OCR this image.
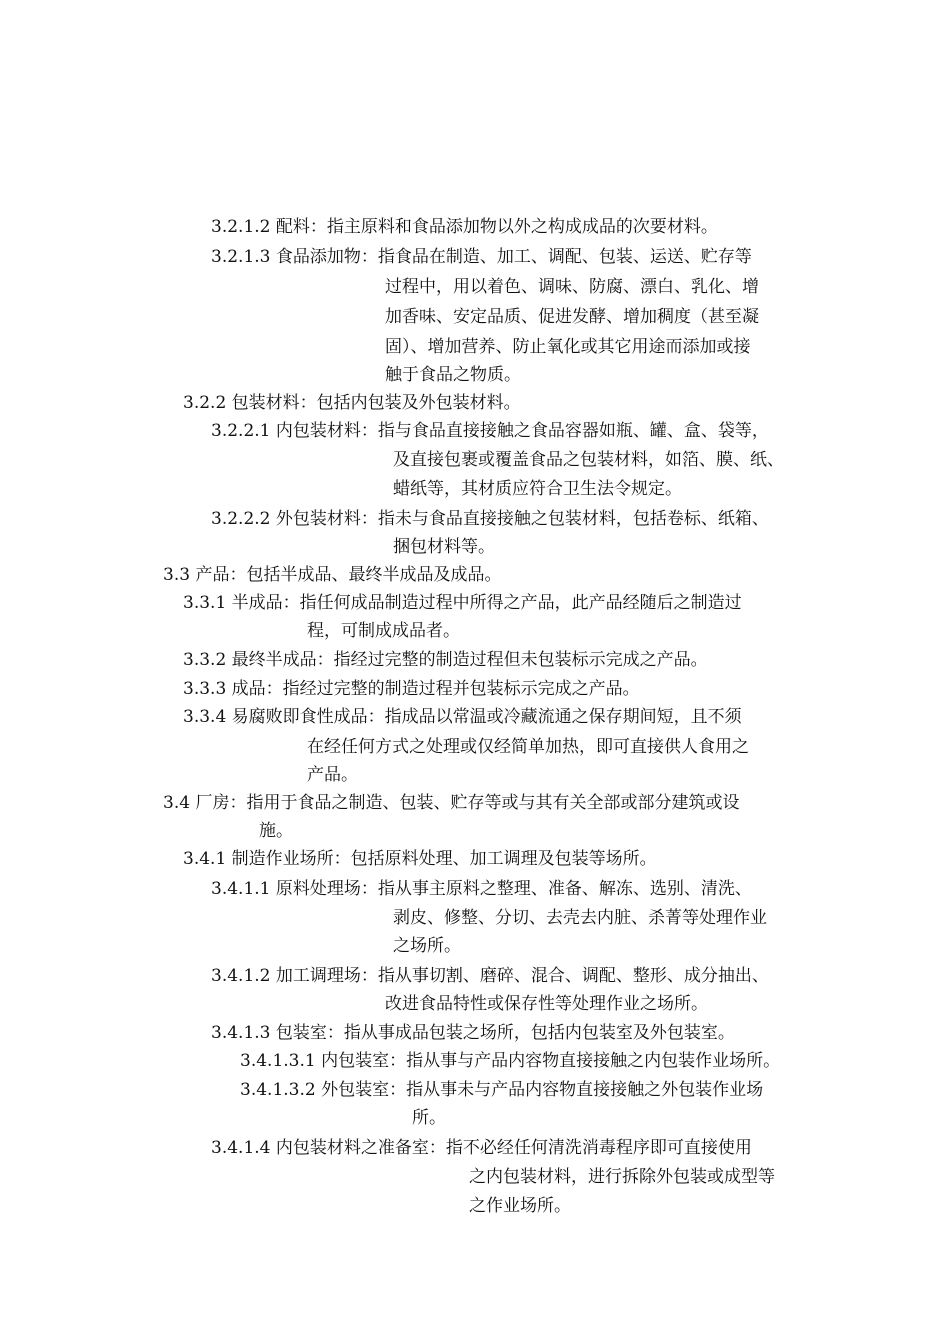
3.2.1.2 配料：指主原料和食品添加物以外之构成成品的次要材料。
3.2.1.3 食品添加物：指食品在制造、加工、调配、包装、运送、贮存等
过程中，用以着色、调味、防腐、漂白、乳化、增
加香味、安定品质、促进发酵、增加稠度（甚至凝
固）、增加营养、防止氧化或其它用途而添加或接
触于食品之物质。
3.2.2 包装材料：包括内包装及外包装材料。
3.2.2.1 内包装材料：指与食品直接接触之食品容器如瓶、罐、盒、袋等，
及直接包裹或覆盖食品之包装材料，如箔、膜、纸、
蜡纸等，其材质应符合卫生法令规定。
3.2.2.2 外包装材料：指未与食品直接接触之包装材料，包括卷标、纸箱、
捆包材料等。
3.3 产品：包括半成品、最终半成品及成品。
3.3.1 半成品：指任何成品制造过程中所得之产品，此产品经随后之制造过
程，可制成成品者。
3.3.2 最终半成品：指经过完整的制造过程但未包装标示完成之产品。
3.3.3 成品：指经过完整的制造过程并包装标示完成之产品。
3.3.4 易腐败即食性成品：指成品以常温或冷藏流通之保存期间短，且不须
在经任何方式之处理或仅经简单加热，即可直接供人食用之
产品。
3.4 厂房：指用于食品之制造、包装、贮存等或与其有关全部或部分建筑或设
施。
3.4.1 制造作业场所：包括原料处理、加工调理及包装等场所。
3.4.1.1 原料处理场：指从事主原料之整理、准备、解冻、选别、清洗、
剥皮、修整、分切、去壳去内脏、杀菁等处理作业
之场所。
3.4.1.2 加工调理场：指从事切割、磨碎、混合、调配、整形、成分抽出、
改进食品特性或保存性等处理作业之场所。
3.4.1.3 包装室：指从事成品包装之场所，包括内包装室及外包装室。
3.4.1.3.1 内包装室：指从事与产品内容物直接接触之内包装作业场所。
3.4.1.3.2 外包装室：指从事未与产品内容物直接接触之外包装作业场
所。
3.4.1.4 内包装材料之准备室：指不必经任何清洗消毒程序即可直接使用
之内包装材料，进行拆除外包装或成型等
之作业场所。
